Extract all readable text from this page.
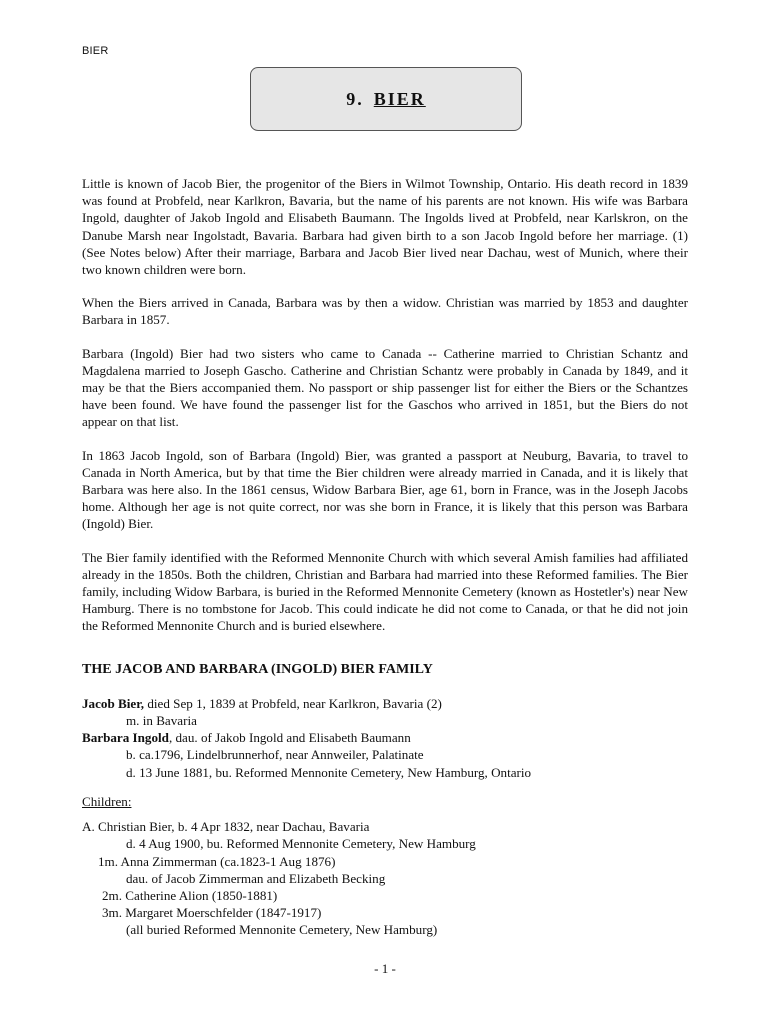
BIER
9. BIER

Little is known of Jacob Bier, the progenitor of the Biers in Wilmot Township, Ontario. His death record in 1839 was found at Probfeld, near Karlkron, Bavaria, but the name of his parents are not known. His wife was Barbara Ingold, daughter of Jakob Ingold and Elisabeth Baumann. The Ingolds lived at Probfeld, near Karlskron, on the Danube Marsh near Ingolstadt, Bavaria. Barbara had given birth to a son Jacob Ingold before her marriage. (1) (See Notes below) After their marriage, Barbara and Jacob Bier lived near Dachau, west of Munich, where their two known children were born.

When the Biers arrived in Canada, Barbara was by then a widow. Christian was married by 1853 and daughter Barbara in 1857.

Barbara (Ingold) Bier had two sisters who came to Canada -- Catherine married to Christian Schantz and Magdalena married to Joseph Gascho. Catherine and Christian Schantz were probably in Canada by 1849, and it may be that the Biers accompanied them. No passport or ship passenger list for either the Biers or the Schantzes have been found. We have found the passenger list for the Gaschos who arrived in 1851, but the Biers do not appear on that list.

In 1863 Jacob Ingold, son of Barbara (Ingold) Bier, was granted a passport at Neuburg, Bavaria, to travel to Canada in North America, but by that time the Bier children were already married in Canada, and it is likely that Barbara was here also. In the 1861 census, Widow Barbara Bier, age 61, born in France, was in the Joseph Jacobs home. Although her age is not quite correct, nor was she born in France, it is likely that this person was Barbara (Ingold) Bier.

The Bier family identified with the Reformed Mennonite Church with which several Amish families had affiliated already in the 1850s. Both the children, Christian and Barbara had married into these Reformed families. The Bier family, including Widow Barbara, is buried in the Reformed Mennonite Cemetery (known as Hostetler's) near New Hamburg. There is no tombstone for Jacob. This could indicate he did not come to Canada, or that he did not join the Reformed Mennonite Church and is buried elsewhere.

THE JACOB AND BARBARA (INGOLD) BIER FAMILY
Jacob Bier, died Sep 1, 1839 at Probfeld, near Karlkron, Bavaria (2)
m. in Bavaria
Barbara Ingold, dau. of Jakob Ingold and Elisabeth Baumann
b. ca.1796, Lindelbrunnerhof, near Annweiler, Palatinate
d. 13 June 1881, bu. Reformed Mennonite Cemetery, New Hamburg, Ontario
Children:
A. Christian Bier, b. 4 Apr 1832, near Dachau, Bavaria
d. 4 Aug 1900, bu. Reformed Mennonite Cemetery, New Hamburg
1m. Anna Zimmerman (ca.1823-1 Aug 1876)
dau. of Jacob Zimmerman and Elizabeth Becking
2m. Catherine Alion (1850-1881)
3m. Margaret Moerschfelder (1847-1917)
(all buried Reformed Mennonite Cemetery, New Hamburg)
- 1 -
